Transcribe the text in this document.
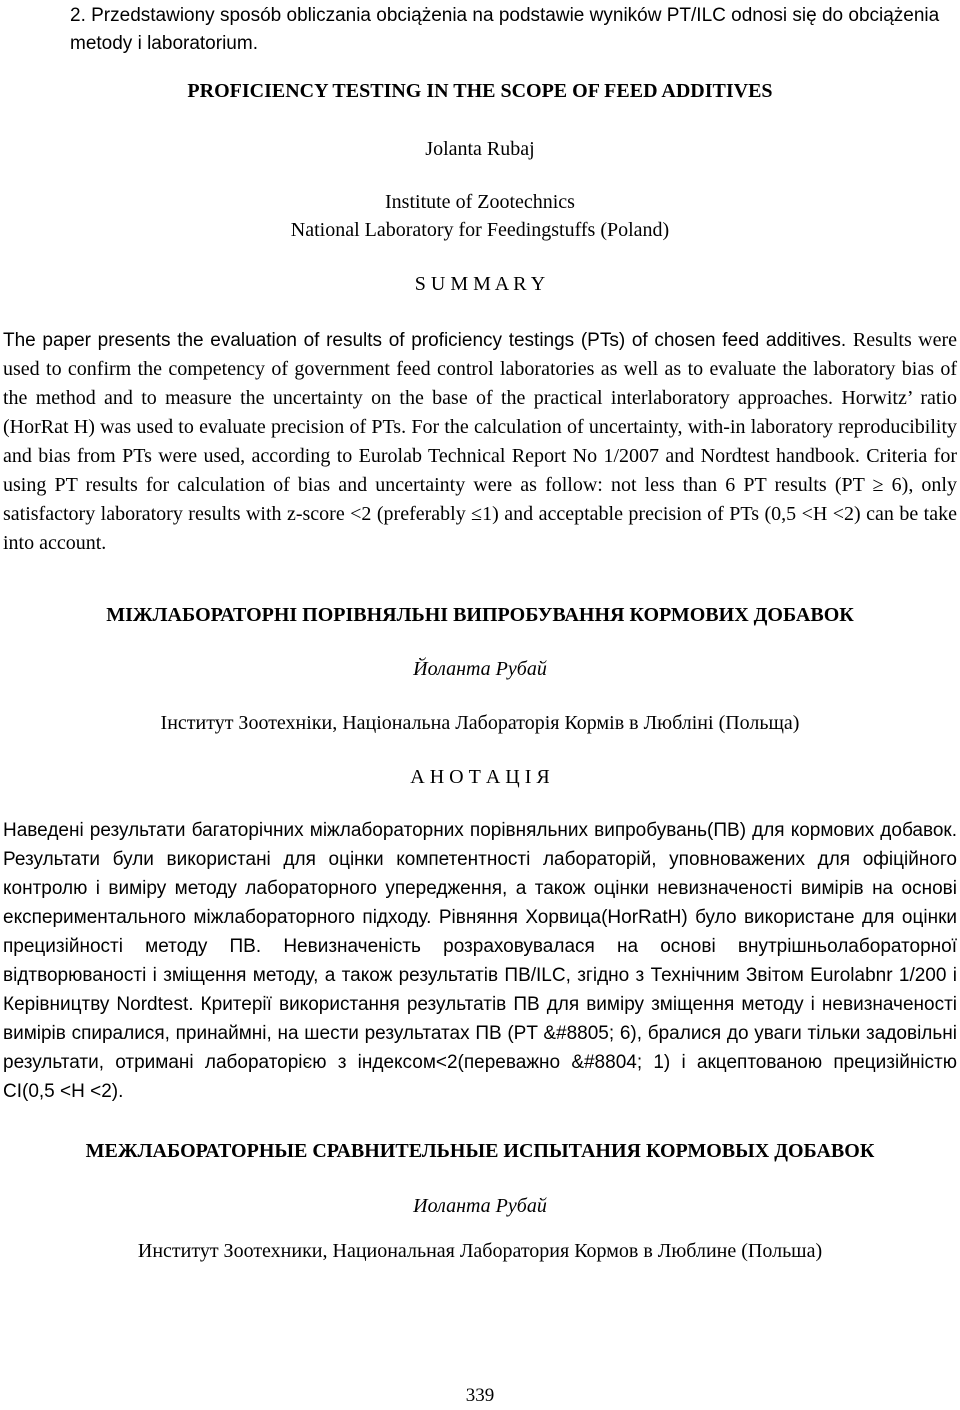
2. Przedstawiony sposób obliczania obciążenia na podstawie wyników PT/ILC odnosi się do obciążenia metody i laboratorium.

PROFICIENCY TESTING IN THE SCOPE OF FEED ADDITIVES

Jolanta Rubaj

Institute of Zootechnics

National Laboratory for Feedingstuffs (Poland)

S U M M A R Y

The paper presents the evaluation of results of proficiency testings (PTs) of chosen feed additives. Results were used to confirm the competency of government feed control laboratories as well as to evaluate the laboratory bias of the method and to measure the uncertainty on the base of the practical interlaboratory approaches. Horwitz’ ratio (HorRat H) was used to evaluate precision of PTs. For the calculation of uncertainty, with-in laboratory reproducibility and bias from PTs were used, according to Eurolab Technical Report No 1/2007 and Nordtest handbook. Criteria for using PT results for calculation of bias and uncertainty were as follow: not less than 6 PT results (PT ≥ 6), only satisfactory laboratory results with z-score <2 (preferably ≤1) and acceptable precision of PTs (0,5 <H <2) can be take into account.

МІЖЛАБОРАТОРНІ ПОРІВНЯЛЬНІ ВИПРОБУВАННЯ КОРМОВИХ ДОБАВОК

Йоланта Рубай

Інститут Зоотехніки, Національна Лабораторія Кормів в Любліні (Польща)

А Н О Т А Ц І Я

Наведені результати багаторічних міжлабораторних порівняльних випробувань(ПВ) для кормових добавок. Результати були використані для оцінки компетентності лабораторій, уповноважених для офіційного контролю і виміру методу лабораторного упередження, а також оцінки невизначеності вимірів на основі експериментального міжлабораторного підходу. Рівняння Хорвица(HorRatH) було використане для оцінки прецизійності методу ПВ. Невизначеність розраховувалася на основі внутрішньолабораторної відтворюваності і зміщення методу, а також результатів ПВ/ILC, згідно з Технічним Звітом Eurolabnr 1/200 і Керівництву Nordtest. Критерії використання результатів ПВ для виміру зміщення методу і невизначеності вимірів спиралися, принаймні, на шести результатах ПВ (PT &#8805; 6), бралися до уваги тільки задовільні результати, отримані лабораторією з індексом<2(переважно &#8804; 1) і акцептованою прецизійністю CI(0,5 <H <2).

МЕЖЛАБОРАТОРНЫЕ СРАВНИТЕЛЬНЫЕ ИСПЫТАНИЯ КОРМОВЫХ ДОБАВОК

Иоланта Рубай

Институт Зоотехники, Национальная Лаборатория Кормов в Люблине (Польша)

339
